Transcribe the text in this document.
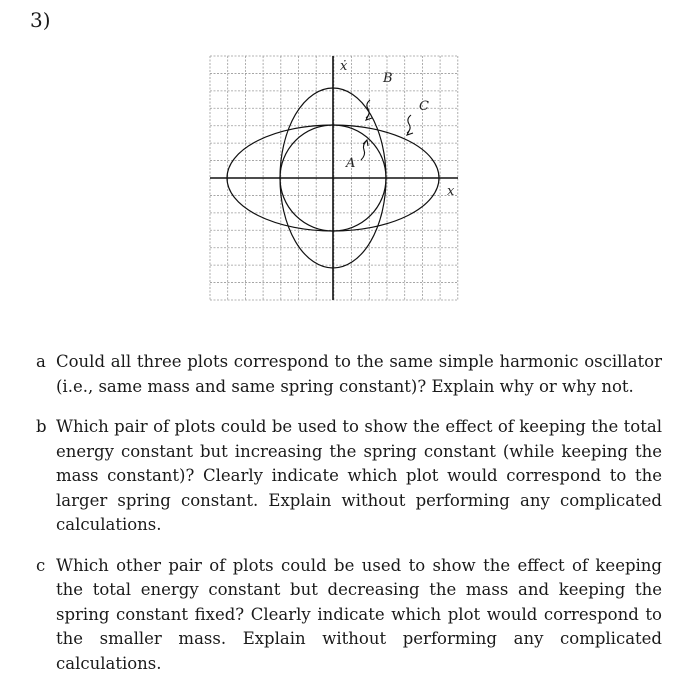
3)
ẋ
x
A
B
C
a Could all three plots correspond to the same simple harmonic oscillator (i.e., same mass and same spring constant)? Explain why or why not.
b Which pair of plots could be used to show the effect of keeping the total energy constant but increasing the spring constant (while keeping the mass constant)? Clearly indicate which plot would correspond to the larger spring constant. Explain without performing any complicated calculations.
c Which other pair of plots could be used to show the effect of keeping the total energy constant but decreasing the mass and keeping the spring constant fixed? Clearly indicate which plot would correspond to the smaller mass. Explain without performing any complicated calculations.
